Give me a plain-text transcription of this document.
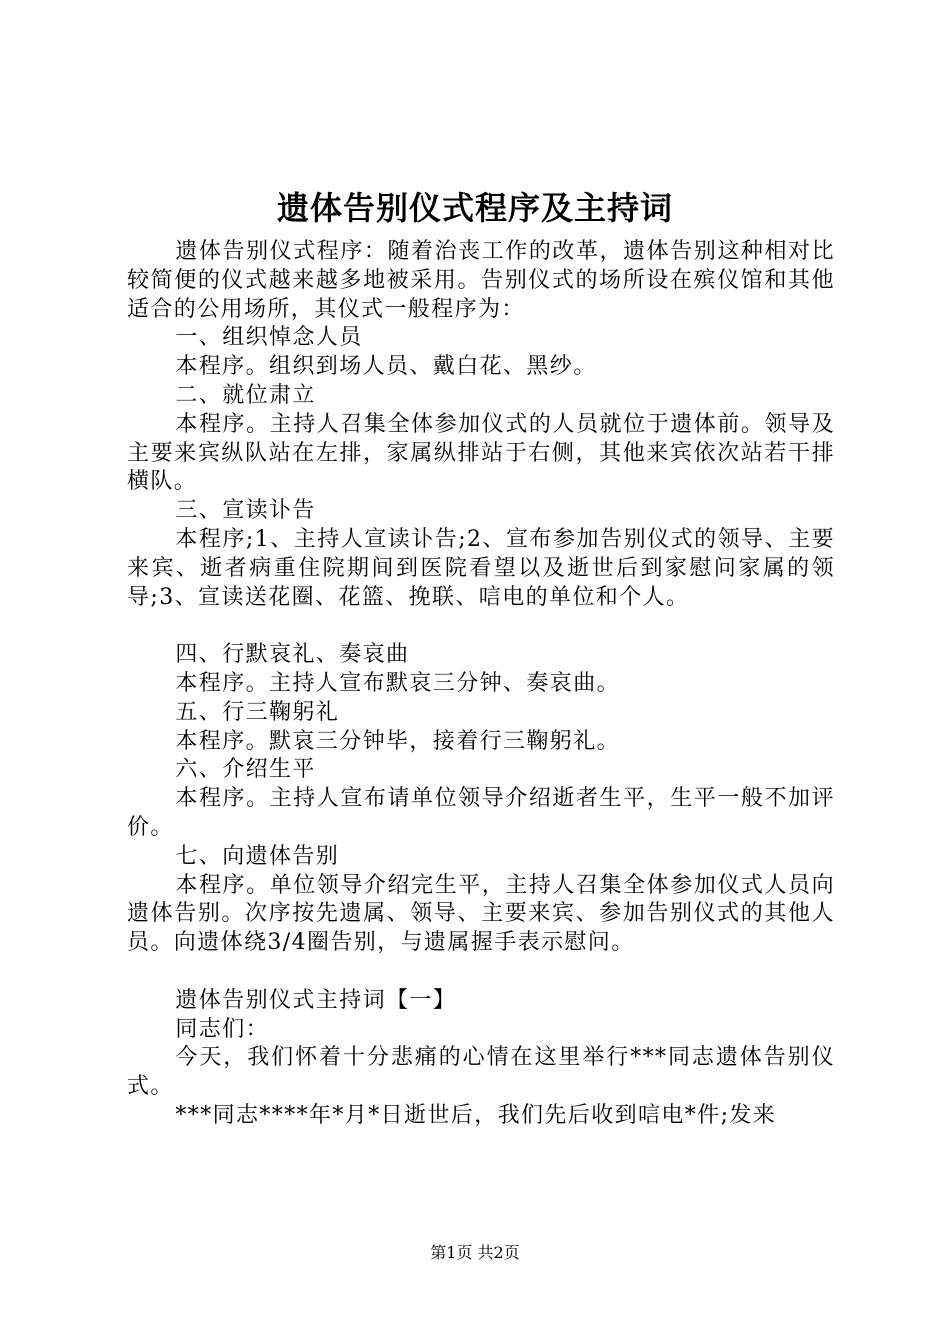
遗体告别仪式程序及主持词

遗体告别仪式程序：随着治丧工作的改革，遗体告别这种相对比较简便的仪式越来越多地被采用。告别仪式的场所设在殡仪馆和其他适合的公用场所，其仪式一般程序为：

一、组织悼念人员

本程序。组织到场人员、戴白花、黑纱。

二、就位肃立

本程序。主持人召集全体参加仪式的人员就位于遗体前。领导及主要来宾纵队站在左排，家属纵排站于右侧，其他来宾依次站若干排横队。

三、宣读讣告

本程序;1、主持人宣读讣告;2、宣布参加告别仪式的领导、主要来宾、逝者病重住院期间到医院看望以及逝世后到家慰问家属的领导;3、宣读送花圈、花篮、挽联、唁电的单位和个人。

四、行默哀礼、奏哀曲

本程序。主持人宣布默哀三分钟、奏哀曲。

五、行三鞠躬礼

本程序。默哀三分钟毕，接着行三鞠躬礼。

六、介绍生平

本程序。主持人宣布请单位领导介绍逝者生平，生平一般不加评价。

七、向遗体告别

本程序。单位领导介绍完生平，主持人召集全体参加仪式人员向遗体告别。次序按先遗属、领导、主要来宾、参加告别仪式的其他人员。向遗体绕3/4圈告别，与遗属握手表示慰问。

遗体告别仪式主持词【一】

同志们：

今天，我们怀着十分悲痛的心情在这里举行***同志遗体告别仪式。

***同志****年*月*日逝世后，我们先后收到唁电*件;发来

第1页 共2页
